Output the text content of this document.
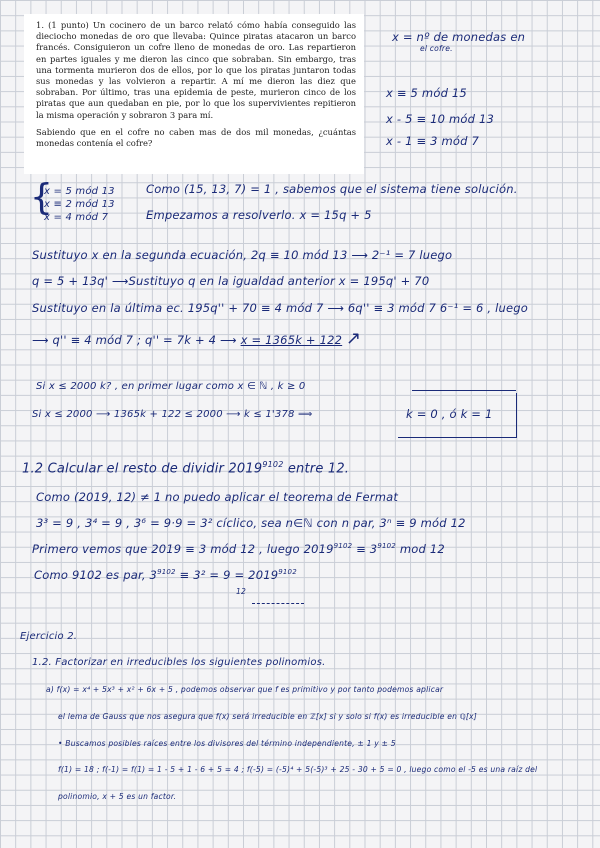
1. (1 punto) Un cocinero de un barco relató cómo había conseguido las dieciocho monedas de oro que llevaba: Quince piratas atacaron un barco francés. Consiguieron un cofre lleno de monedas de oro. Las repartieron en partes iguales y me dieron las cinco que sobraban. Sin embargo, tras una tormenta murieron dos de ellos, por lo que los piratas juntaron todas sus monedas y las volvieron a repartir. A mí me dieron las diez que sobraban. Por último, tras una epidemia de peste, murieron cinco de los piratas que aun quedaban en pie, por lo que los supervivientes repitieron la misma operación y sobraron 3 para mí.

Sabiendo que en el cofre no caben mas de dos mil monedas, ¿cuántas monedas contenía el cofre?

x = nº de monedas en
el cofre.
x ≡ 5 mód 15
x - 5 ≡ 10 mód 13
x - 1 ≡ 3 mód 7
{
x = 5 mód 13
x ≡ 2 mód 13
x = 4 mód 7
Como (15, 13, 7) = 1 , sabemos que el sistema tiene solución.
Empezamos a resolverlo. x = 15q + 5
Sustituyo x en la segunda ecuación, 2q ≡ 10 mód 13 ⟶ 2⁻¹ = 7 luego
q = 5 + 13q' ⟶Sustituyo q en la igualdad anterior x = 195q' + 70
Sustituyo en la última ec. 195q'' + 70 ≡ 4 mód 7 ⟶ 6q'' ≡ 3 mód 7 6⁻¹ = 6 , luego
⟶ q'' ≡ 4 mód 7 ; q'' = 7k + 4 ⟶ x = 1365k + 122 ↗
Si x ≤ 2000 k? , en primer lugar como x ∈ ℕ , k ≥ 0
Si x ≤ 2000 ⟶ 1365k + 122 ≤ 2000 ⟶ k ≤ 1'378 ⟹	k = 0 , ó k = 1
1.2 Calcular el resto de dividir $2019^{9102}$ entre 12.
Como (2019, 12) ≠ 1 no puedo aplicar el teorema de Fermat
3³ = 9 , 3⁴ = 9 , 3⁶ = 9·9 = 3² cíclico, sea n∈ℕ con n par, 3ⁿ ≡ 9 mód 12
Primero vemos que 2019 ≡ 3 mód 12 , luego $2019^{9102} \equiv 3^{9102}$ mod 12
Como 9102 es par, $3^{9102} \equiv 3^2 = 9 = 2019^{9102}$
12
Ejercicio 2.
1.2. Factorizar en irreducibles los siguientes polinomios.
a) f(x) = x⁴ + 5x³ + x² + 6x + 5 , podemos observar que f es primitivo y por tanto podemos aplicar
el lema de Gauss que nos asegura que f(x) será irreducible en ℤ[x] si y solo si f(x) es irreducible en ℚ[x]
• Buscamos posibles raíces entre los divisores del término independiente, ± 1 y ± 5
f(1) = 18 ; f(-1) = f(1) = 1 - 5 + 1 - 6 + 5 = 4 ; f(-5) = (-5)⁴ + 5(-5)³ + 25 - 30 + 5 = 0 , luego como el -5 es una raíz del
polinomio, x + 5 es un factor.
